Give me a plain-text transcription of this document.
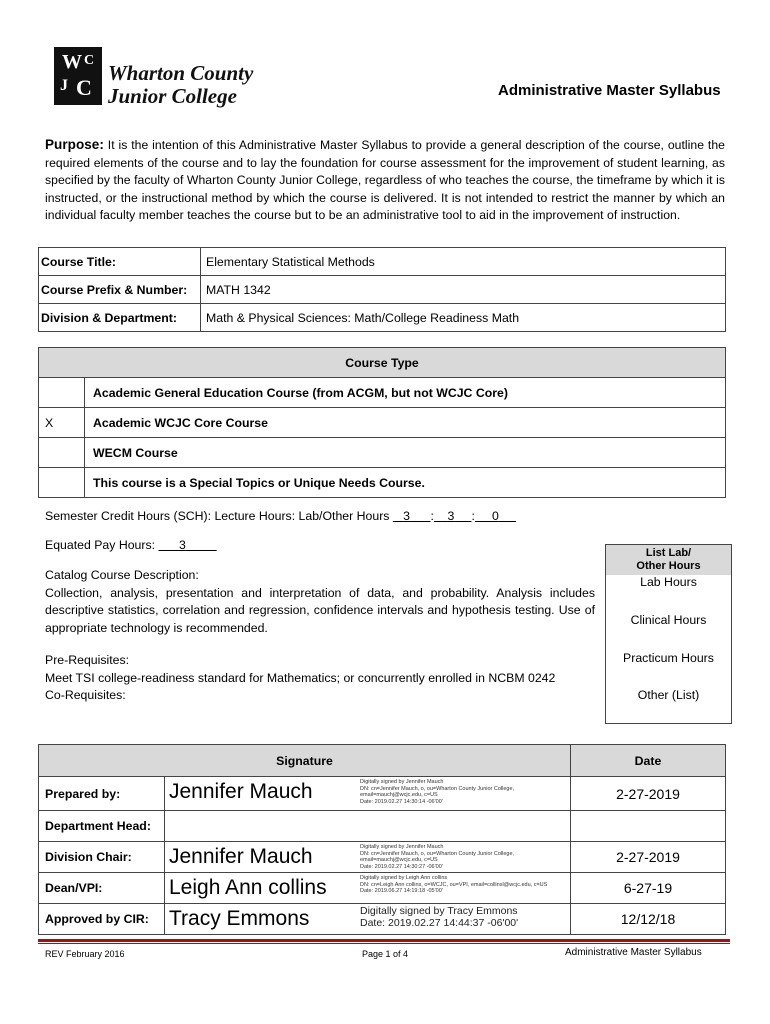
W C
J C
Wharton County
Junior College	Administrative Master Syllabus
Purpose: It is the intention of this Administrative Master Syllabus to provide a general description of the course, outline the required elements of the course and to lay the foundation for course assessment for the improvement of student learning, as specified by the faculty of Wharton County Junior College, regardless of who teaches the course, the timeframe by which it is instructed, or the instructional method by which the course is delivered. It is not intended to restrict the manner by which an individual faculty member teaches the course but to be an administrative tool to aid in the improvement of instruction.
Course Title:	Elementary Statistical Methods
Course Prefix & Number:	MATH 1342
Division & Department:	Math & Physical Sciences: Math/College Readiness Math
Course Type	
	Academic General Education Course (from ACGM, but not WCJC Core)
X	Academic WCJC Core Course
	WECM Course
	This course is a Special Topics or Unique Needs Course.
Semester Credit Hours (SCH): Lecture Hours: Lab/Other Hours 3 : 3 : 0
Equated Pay Hours: 3
List Lab/
Other Hours
Lab Hours
Clinical Hours
Practicum Hours
Other (List)
Catalog Course Description:
Collection, analysis, presentation and interpretation of data, and probability. Analysis includes descriptive statistics, correlation and regression, confidence intervals and hypothesis testing. Use of appropriate technology is recommended.
Pre-Requisites:
Meet TSI college-readiness standard for Mathematics; or concurrently enrolled in NCBM 0242
Co-Requisites:
Signature		Date
Prepared by:	Jennifer Mauch Digitally signed by Jennifer Mauch
DN: cn=Jennifer Mauch, o, ou=Wharton County Junior College,
email=mauchj@wcjc.edu, c=US
Date: 2019.02.27 14:30:14 -06'00'	2-27-2019
Department Head:		
Division Chair:	Jennifer Mauch Digitally signed by Jennifer Mauch
DN: cn=Jennifer Mauch, o, ou=Wharton County Junior College,
email=mauchj@wcjc.edu, c=US
Date: 2019.02.27 14:30:27 -06'00'	2-27-2019
Dean/VPI:	Leigh Ann collins Digitally signed by Leigh Ann collins
DN: cn=Leigh Ann collins, o=WCJC, ou=VPI, email=collinsl@wcjc.edu, c=US
Date: 2019.06.27 14:19:18 -05'00'	6-27-19
Approved by CIR:	Tracy Emmons Digitally signed by Tracy Emmons
Date: 2019.02.27 14:44:37 -06'00'	12/12/18
REV February 2016	Page 1 of 4	Administrative Master Syllabus
